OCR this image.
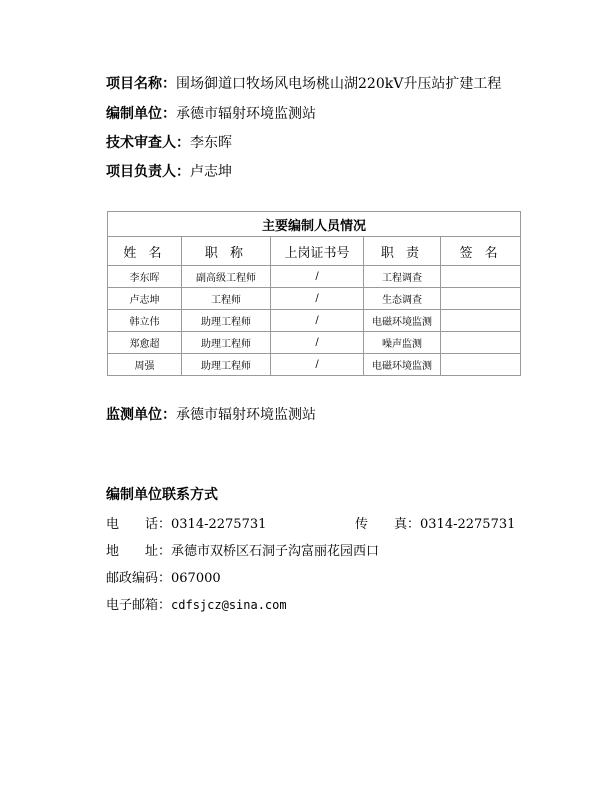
项目名称：围场御道口牧场风电场桃山湖220kV升压站扩建工程
编制单位：承德市辐射环境监测站
技术审查人：李东晖
项目负责人：卢志坤
主要编制人员情况				
姓 名	职 称	上岗证书号	职 责	签 名
李东晖	副高级工程师	/	工程调查	
卢志坤	工程师	/	生态调查	
韩立伟	助理工程师	/	电磁环境监测	
郑愈超	助理工程师	/	噪声监测	
周强	助理工程师	/	电磁环境监测	
监测单位：承德市辐射环境监测站
编制单位联系方式
电　　话：0314-2275731	传　　真：0314-2275731
地　　址：承德市双桥区石洞子沟富丽花园西口
邮政编码：067000
电子邮箱：cdfsjcz@sina.com
